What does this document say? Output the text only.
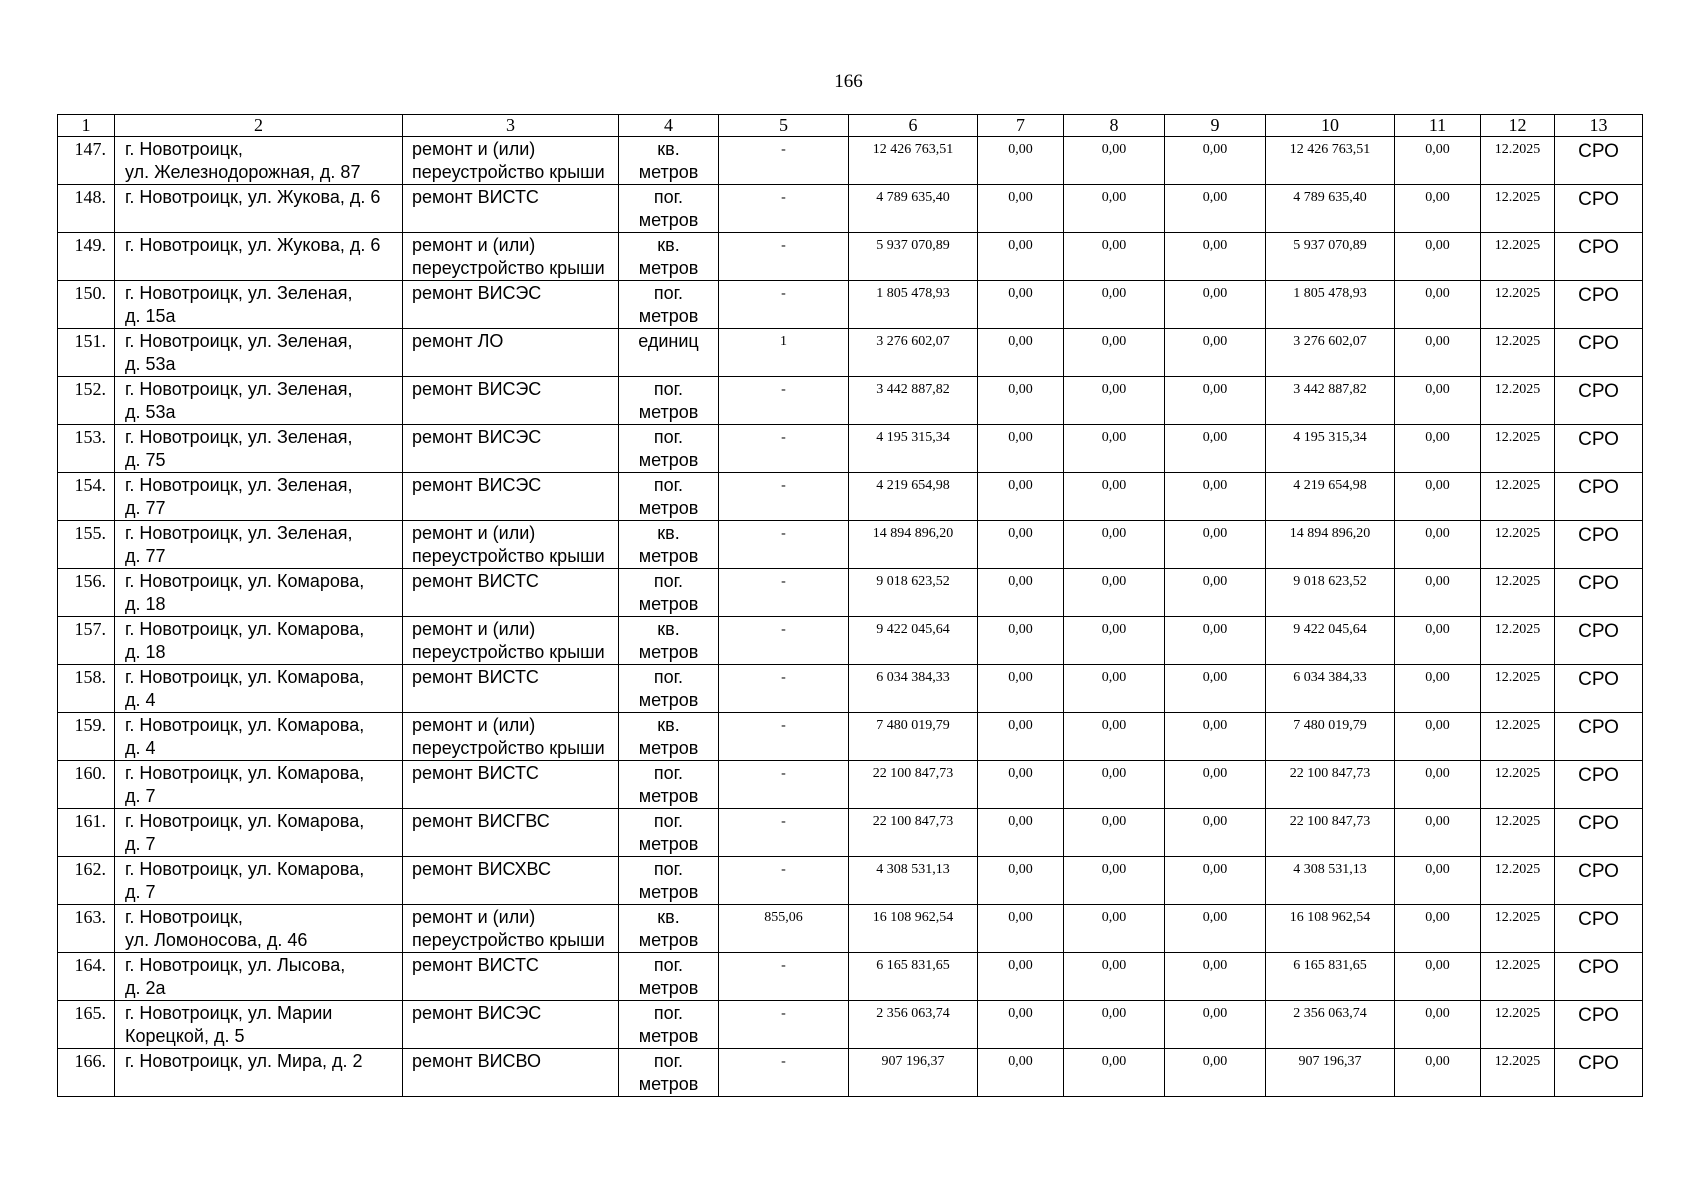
166
1	2	3	4	5	6	7	8	9	10	11	12	13
147.	г. Новотроицк,
ул. Железнодорожная, д. 87	ремонт и (или)
переустройство крыши	кв.
метров	-	12 426 763,51	0,00	0,00	0,00	12 426 763,51	0,00	12.2025	СРО
148.	г. Новотроицк, ул. Жукова, д. 6	ремонт ВИСТС	пог.
метров	-	4 789 635,40	0,00	0,00	0,00	4 789 635,40	0,00	12.2025	СРО
149.	г. Новотроицк, ул. Жукова, д. 6	ремонт и (или)
переустройство крыши	кв.
метров	-	5 937 070,89	0,00	0,00	0,00	5 937 070,89	0,00	12.2025	СРО
150.	г. Новотроицк, ул. Зеленая,
д. 15а	ремонт ВИСЭС	пог.
метров	-	1 805 478,93	0,00	0,00	0,00	1 805 478,93	0,00	12.2025	СРО
151.	г. Новотроицк, ул. Зеленая,
д. 53а	ремонт ЛО	единиц	1	3 276 602,07	0,00	0,00	0,00	3 276 602,07	0,00	12.2025	СРО
152.	г. Новотроицк, ул. Зеленая,
д. 53а	ремонт ВИСЭС	пог.
метров	-	3 442 887,82	0,00	0,00	0,00	3 442 887,82	0,00	12.2025	СРО
153.	г. Новотроицк, ул. Зеленая,
д. 75	ремонт ВИСЭС	пог.
метров	-	4 195 315,34	0,00	0,00	0,00	4 195 315,34	0,00	12.2025	СРО
154.	г. Новотроицк, ул. Зеленая,
д. 77	ремонт ВИСЭС	пог.
метров	-	4 219 654,98	0,00	0,00	0,00	4 219 654,98	0,00	12.2025	СРО
155.	г. Новотроицк, ул. Зеленая,
д. 77	ремонт и (или)
переустройство крыши	кв.
метров	-	14 894 896,20	0,00	0,00	0,00	14 894 896,20	0,00	12.2025	СРО
156.	г. Новотроицк, ул. Комарова,
д. 18	ремонт ВИСТС	пог.
метров	-	9 018 623,52	0,00	0,00	0,00	9 018 623,52	0,00	12.2025	СРО
157.	г. Новотроицк, ул. Комарова,
д. 18	ремонт и (или)
переустройство крыши	кв.
метров	-	9 422 045,64	0,00	0,00	0,00	9 422 045,64	0,00	12.2025	СРО
158.	г. Новотроицк, ул. Комарова,
д. 4	ремонт ВИСТС	пог.
метров	-	6 034 384,33	0,00	0,00	0,00	6 034 384,33	0,00	12.2025	СРО
159.	г. Новотроицк, ул. Комарова,
д. 4	ремонт и (или)
переустройство крыши	кв.
метров	-	7 480 019,79	0,00	0,00	0,00	7 480 019,79	0,00	12.2025	СРО
160.	г. Новотроицк, ул. Комарова,
д. 7	ремонт ВИСТС	пог.
метров	-	22 100 847,73	0,00	0,00	0,00	22 100 847,73	0,00	12.2025	СРО
161.	г. Новотроицк, ул. Комарова,
д. 7	ремонт ВИСГВС	пог.
метров	-	22 100 847,73	0,00	0,00	0,00	22 100 847,73	0,00	12.2025	СРО
162.	г. Новотроицк, ул. Комарова,
д. 7	ремонт ВИСХВС	пог.
метров	-	4 308 531,13	0,00	0,00	0,00	4 308 531,13	0,00	12.2025	СРО
163.	г. Новотроицк,
ул. Ломоносова, д. 46	ремонт и (или)
переустройство крыши	кв.
метров	855,06	16 108 962,54	0,00	0,00	0,00	16 108 962,54	0,00	12.2025	СРО
164.	г. Новотроицк, ул. Лысова,
д. 2а	ремонт ВИСТС	пог.
метров	-	6 165 831,65	0,00	0,00	0,00	6 165 831,65	0,00	12.2025	СРО
165.	г. Новотроицк, ул. Марии
Корецкой, д. 5	ремонт ВИСЭС	пог.
метров	-	2 356 063,74	0,00	0,00	0,00	2 356 063,74	0,00	12.2025	СРО
166.	г. Новотроицк, ул. Мира, д. 2	ремонт ВИСВО	пог.
метров	-	907 196,37	0,00	0,00	0,00	907 196,37	0,00	12.2025	СРО
